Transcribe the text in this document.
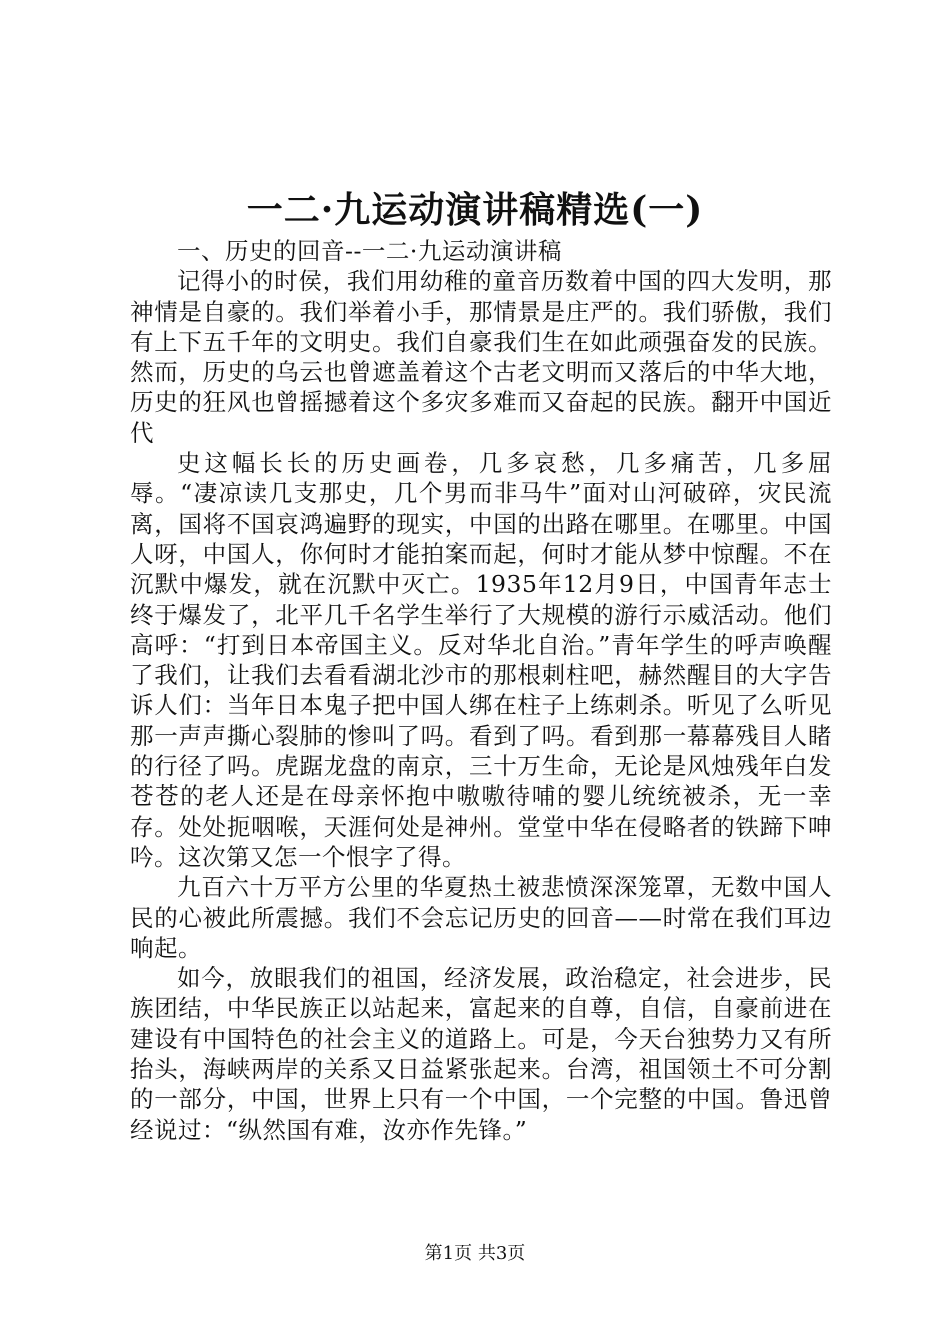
一二·九运动演讲稿精选(一)

一、历史的回音--一二·九运动演讲稿

记得小的时侯，我们用幼稚的童音历数着中国的四大发明，那神情是自豪的。我们举着小手，那情景是庄严的。我们骄傲，我们有上下五千年的文明史。我们自豪我们生在如此顽强奋发的民族。然而，历史的乌云也曾遮盖着这个古老文明而又落后的中华大地，历史的狂风也曾摇撼着这个多灾多难而又奋起的民族。翻开中国近代

史这幅长长的历史画卷，几多哀愁，几多痛苦，几多屈辱。“凄凉读几支那史，几个男而非马牛”面对山河破碎，灾民流离，国将不国哀鸿遍野的现实，中国的出路在哪里。在哪里。中国人呀，中国人，你何时才能拍案而起，何时才能从梦中惊醒。不在沉默中爆发，就在沉默中灭亡。1935年12月9日，中国青年志士终于爆发了，北平几千名学生举行了大规模的游行示威活动。他们高呼：“打到日本帝国主义。反对华北自治。”青年学生的呼声唤醒了我们，让我们去看看湖北沙市的那根刺柱吧，赫然醒目的大字告诉人们：当年日本鬼子把中国人绑在柱子上练刺杀。听见了么听见那一声声撕心裂肺的惨叫了吗。看到了吗。看到那一幕幕残目人睹的行径了吗。虎踞龙盘的南京，三十万生命，无论是风烛残年白发苍苍的老人还是在母亲怀抱中嗷嗷待哺的婴儿统统被杀，无一幸存。处处扼咽喉，天涯何处是神州。堂堂中华在侵略者的铁蹄下呻吟。这次第又怎一个恨字了得。

九百六十万平方公里的华夏热土被悲愤深深笼罩，无数中国人民的心被此所震撼。我们不会忘记历史的回音——时常在我们耳边响起。

如今，放眼我们的祖国，经济发展，政治稳定，社会进步，民族团结，中华民族正以站起来，富起来的自尊，自信，自豪前进在建设有中国特色的社会主义的道路上。可是，今天台独势力又有所抬头，海峡两岸的关系又日益紧张起来。台湾，祖国领土不可分割的一部分，中国，世界上只有一个中国，一个完整的中国。鲁迅曾经说过：“纵然国有难，汝亦作先锋。”

第1页 共3页
